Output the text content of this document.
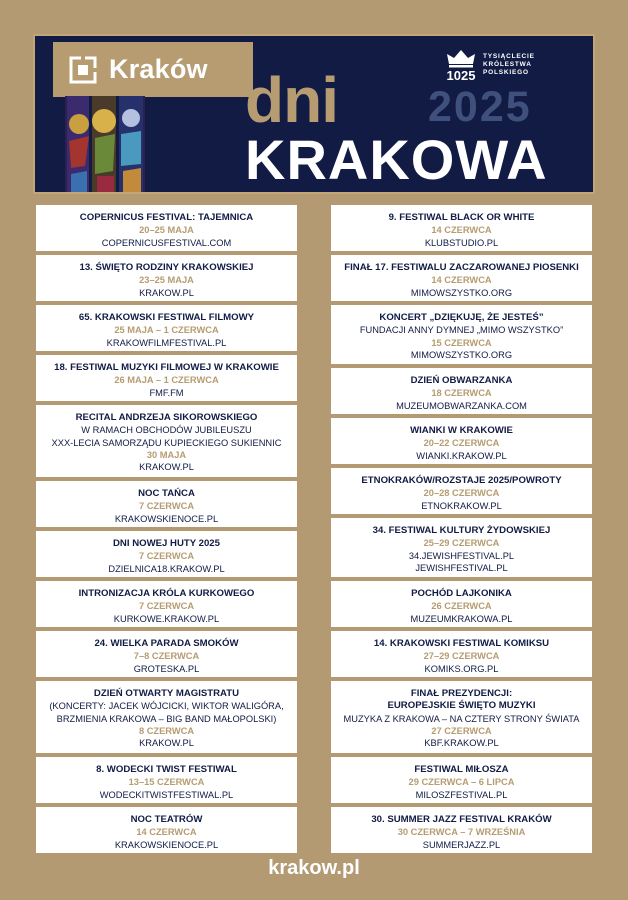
Kraków dni 2025
KRAKOWA
1025
TYSIĄCLECIE
KRÓLESTWA
POLSKIEGO
COPERNICUS FESTIVAL: TAJEMNICA
20–25 MAJA
COPERNICUSFESTIVAL.COM
13. ŚWIĘTO RODZINY KRAKOWSKIEJ
23–25 MAJA
KRAKOW.PL
65. KRAKOWSKI FESTIWAL FILMOWY
25 MAJA – 1 CZERWCA
KRAKOWFILMFESTIVAL.PL
18. FESTIWAL MUZYKI FILMOWEJ W KRAKOWIE
26 MAJA – 1 CZERWCA
FMF.FM
RECITAL ANDRZEJA SIKOROWSKIEGO
W RAMACH OBCHODÓW JUBILEUSZU
XXX-LECIA SAMORZĄDU KUPIECKIEGO SUKIENNIC
30 MAJA
KRAKOW.PL
NOC TAŃCA
7 CZERWCA
KRAKOWSKIENOCE.PL
DNI NOWEJ HUTY 2025
7 CZERWCA
DZIELNICA18.KRAKOW.PL
INTRONIZACJA KRÓLA KURKOWEGO
7 CZERWCA
KURKOWE.KRAKOW.PL
24. WIELKA PARADA SMOKÓW
7–8 CZERWCA
GROTESKA.PL
DZIEŃ OTWARTY MAGISTRATU
(KONCERTY: JACEK WÓJCICKI, WIKTOR WALIGÓRA,
BRZMIENIA KRAKOWA – BIG BAND MAŁOPOLSKI)
8 CZERWCA
KRAKOW.PL
8. WODECKI TWIST FESTIWAL
13–15 CZERWCA
WODECKITWISTFESTIWAL.PL
NOC TEATRÓW
14 CZERWCA
KRAKOWSKIENOCE.PL
9. FESTIWAL BLACK OR WHITE
14 CZERWCA
KLUBSTUDIO.PL
FINAŁ 17. FESTIWALU ZACZAROWANEJ PIOSENKI
14 CZERWCA
MIMOWSZYSTKO.ORG
KONCERT „DZIĘKUJĘ, ŻE JESTEŚ”
FUNDACJI ANNY DYMNEJ „MIMO WSZYSTKO”
15 CZERWCA
MIMOWSZYSTKO.ORG
DZIEŃ OBWARZANKA
18 CZERWCA
MUZEUMOBWARZANKA.COM
WIANKI W KRAKOWIE
20–22 CZERWCA
WIANKI.KRAKOW.PL
ETNOKRAKÓW/ROZSTAJE 2025/POWROTY
20–28 CZERWCA
ETNOKRAKOW.PL
34. FESTIWAL KULTURY ŻYDOWSKIEJ
25–29 CZERWCA
34.JEWISHFESTIVAL.PL
JEWISHFESTIVAL.PL
POCHÓD LAJKONIKA
26 CZERWCA
MUZEUMKRAKOWA.PL
14. KRAKOWSKI FESTIWAL KOMIKSU
27–29 CZERWCA
KOMIKS.ORG.PL
FINAŁ PREZYDENCJI:
EUROPEJSKIE ŚWIĘTO MUZYKI
MUZYKA Z KRAKOWA – NA CZTERY STRONY ŚWIATA
27 CZERWCA
KBF.KRAKOW.PL
FESTIWAL MIŁOSZA
29 CZERWCA – 6 LIPCA
MILOSZFESTIVAL.PL
30. SUMMER JAZZ FESTIVAL KRAKÓW
30 CZERWCA – 7 WRZEŚNIA
SUMMERJAZZ.PL
krakow.pl
